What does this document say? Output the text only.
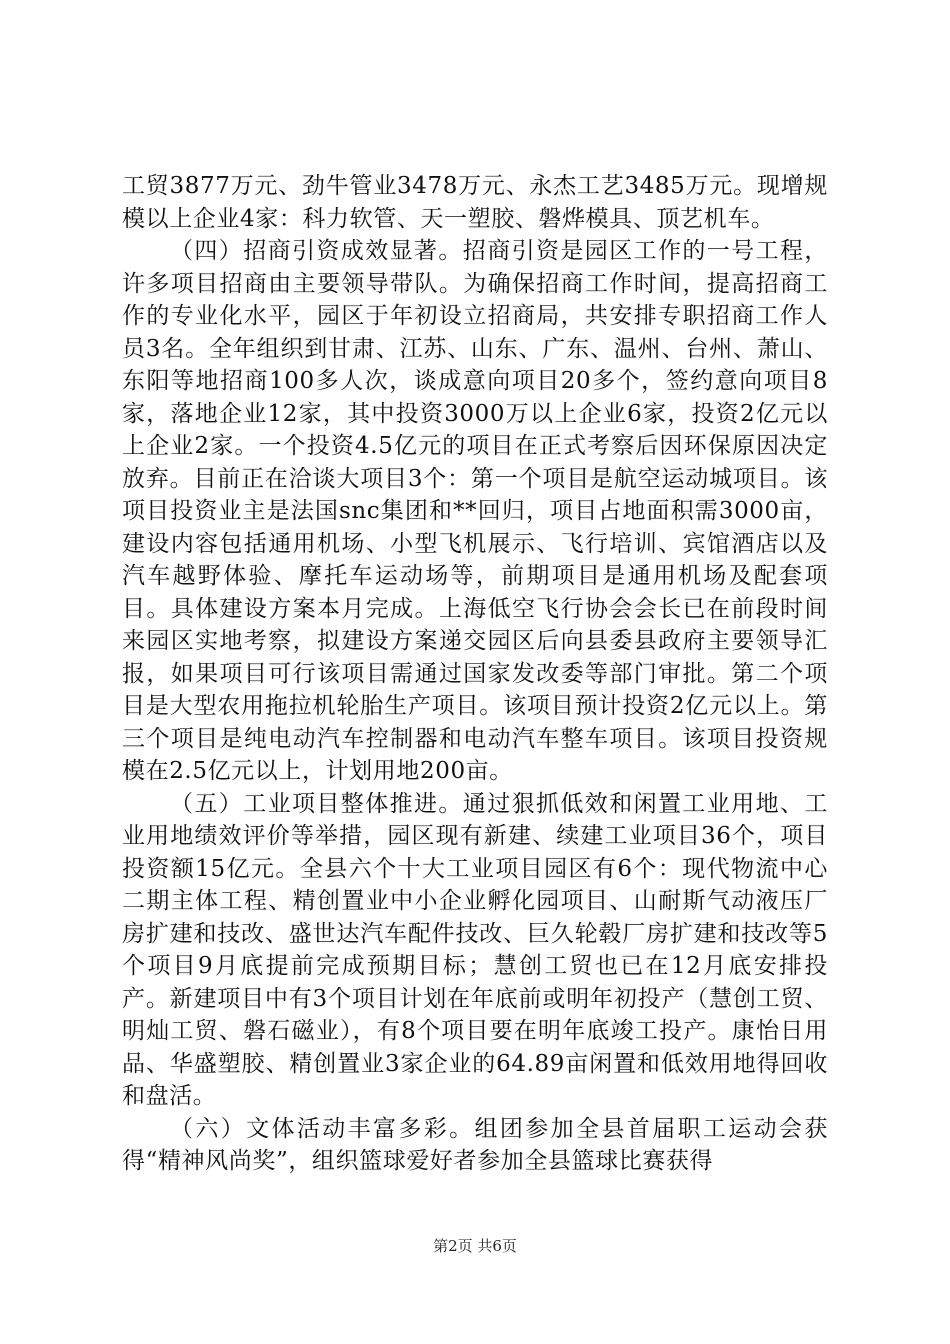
工贸3877万元、劲牛管业3478万元、永杰工艺3485万元。现增规模以上企业4家：科力软管、天一塑胶、磐烨模具、顶艺机车。

（四）招商引资成效显著。招商引资是园区工作的一号工程，许多项目招商由主要领导带队。为确保招商工作时间，提高招商工作的专业化水平，园区于年初设立招商局，共安排专职招商工作人员3名。全年组织到甘肃、江苏、山东、广东、温州、台州、萧山、东阳等地招商100多人次，谈成意向项目20多个，签约意向项目8家，落地企业12家，其中投资3000万以上企业6家，投资2亿元以上企业2家。一个投资4.5亿元的项目在正式考察后因环保原因决定放弃。目前正在洽谈大项目3个：第一个项目是航空运动城项目。该项目投资业主是法国snc集团和**回归，项目占地面积需3000亩，建设内容包括通用机场、小型飞机展示、飞行培训、宾馆酒店以及汽车越野体验、摩托车运动场等，前期项目是通用机场及配套项目。具体建设方案本月完成。上海低空飞行协会会长已在前段时间来园区实地考察，拟建设方案递交园区后向县委县政府主要领导汇报，如果项目可行该项目需通过国家发改委等部门审批。第二个项目是大型农用拖拉机轮胎生产项目。该项目预计投资2亿元以上。第三个项目是纯电动汽车控制器和电动汽车整车项目。该项目投资规模在2.5亿元以上，计划用地200亩。

（五）工业项目整体推进。通过狠抓低效和闲置工业用地、工业用地绩效评价等举措，园区现有新建、续建工业项目36个，项目投资额15亿元。全县六个十大工业项目园区有6个：现代物流中心二期主体工程、精创置业中小企业孵化园项目、山耐斯气动液压厂房扩建和技改、盛世达汽车配件技改、巨久轮毂厂房扩建和技改等5个项目9月底提前完成预期目标；慧创工贸也已在12月底安排投产。新建项目中有3个项目计划在年底前或明年初投产（慧创工贸、明灿工贸、磐石磁业），有8个项目要在明年底竣工投产。康怡日用品、华盛塑胶、精创置业3家企业的64.89亩闲置和低效用地得回收和盘活。

（六）文体活动丰富多彩。组团参加全县首届职工运动会获得“精神风尚奖”，组织篮球爱好者参加全县篮球比赛获得

第2页 共6页
